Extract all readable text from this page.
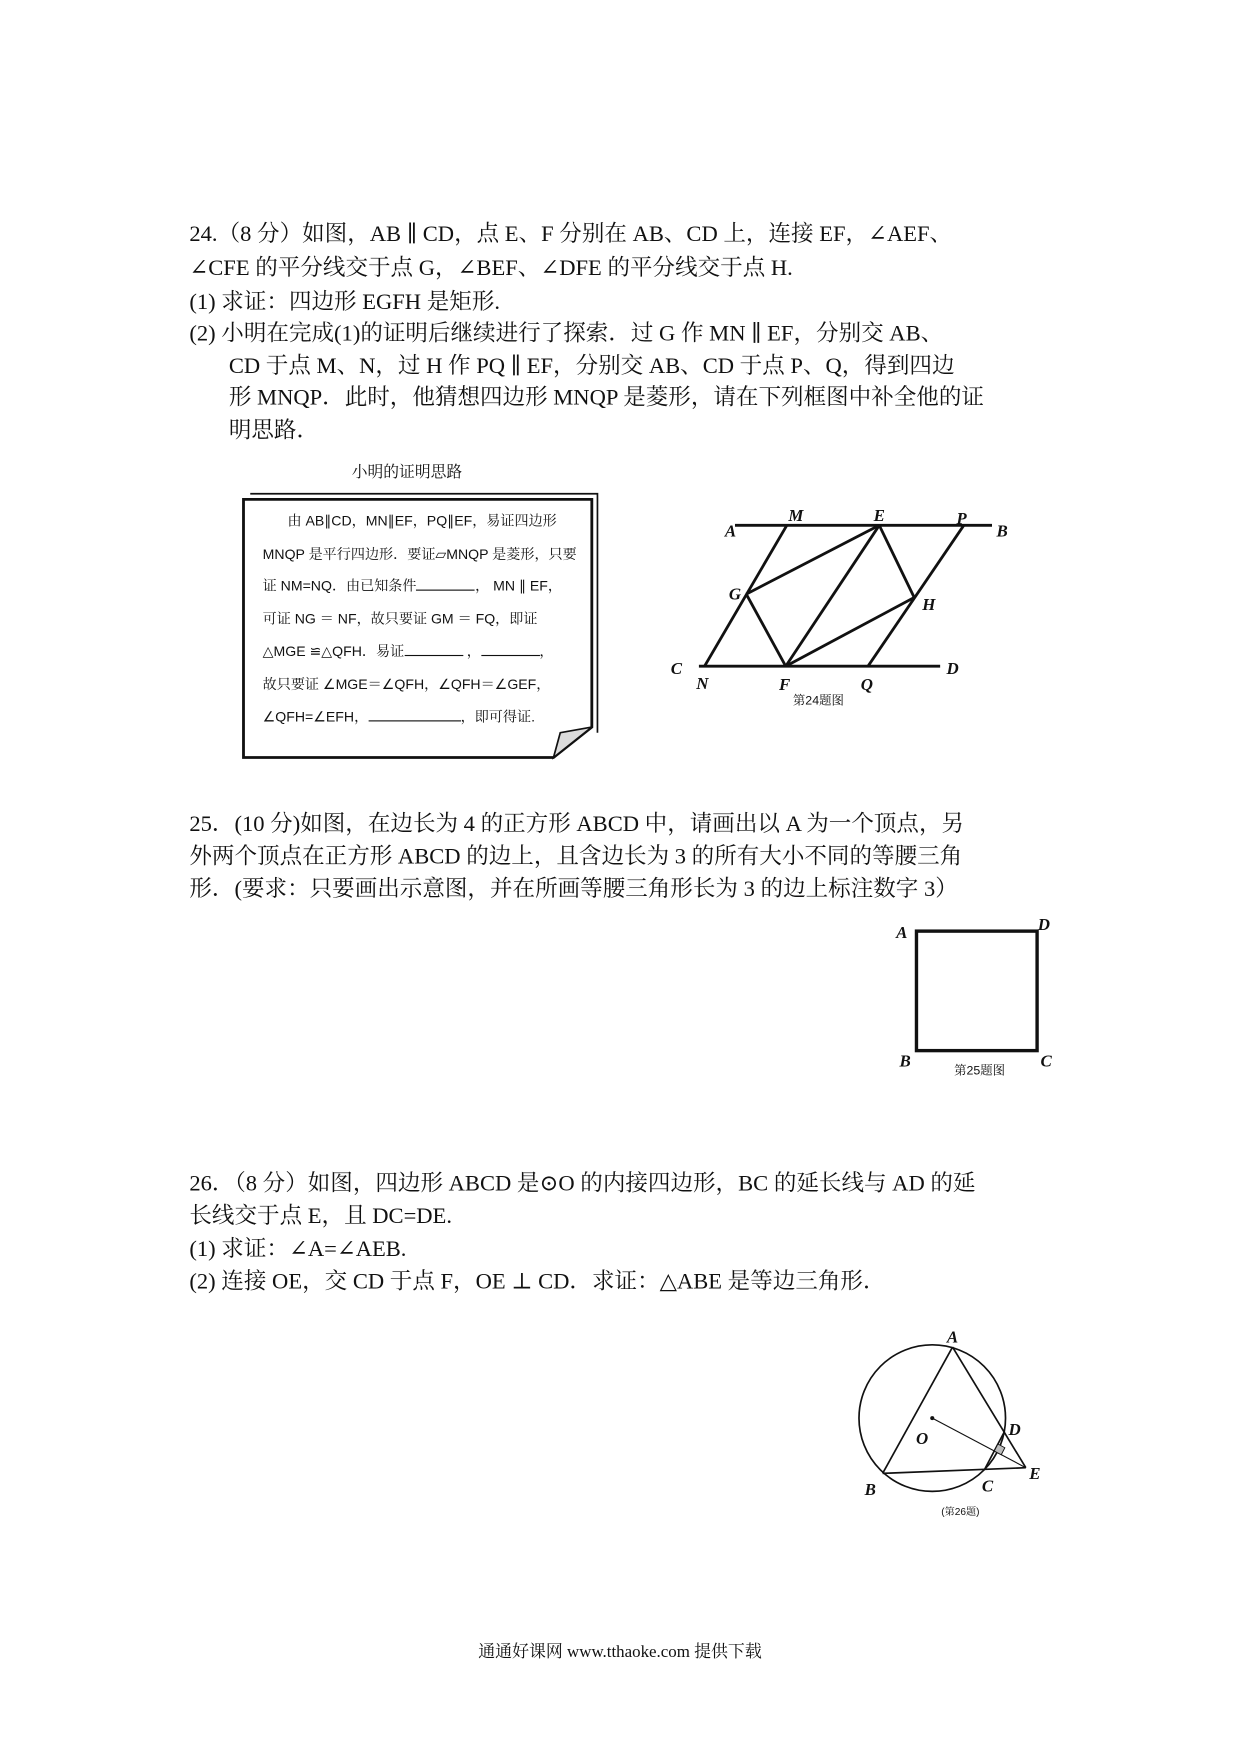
24.（8 分）如图，AB ∥ CD，点 E、F 分别在 AB、CD 上，连接 EF，∠AEF、
∠CFE 的平分线交于点 G，∠BEF、∠DFE 的平分线交于点 H.
(1) 求证：四边形 EGFH 是矩形.
(2) 小明在完成(1)的证明后继续进行了探索．过 G 作 MN ∥ EF，分别交 AB、
CD 于点 M、N，过 H 作 PQ ∥ EF，分别交 AB、CD 于点 P、Q，得到四边
形 MNQP．此时，他猜想四边形 MNQP 是菱形，请在下列框图中补全他的证
明思路．
小明的证明思路
由 AB∥CD，MN∥EF，PQ∥EF，易证四边形
MNQP 是平行四边形．要证▱MNQP 是菱形，只要
证 NM=NQ．由已知条件	， MN ∥ EF，
可证 NG ＝ NF，故只要证 GM ＝ FQ，即证
△MGE ≌△QFH．易证	，	，
故只要证 ∠MGE＝∠QFH，∠QFH＝∠GEF，
∠QFH=∠EFH，	，即可得证.
A
M	E	P
B
G
H
C
N	F	Q
D
第24题图
25．(10 分)如图，在边长为 4 的正方形 ABCD 中，请画出以 A 为一个顶点，另
外两个顶点在正方形 ABCD 的边上，且含边长为 3 的所有大小不同的等腰三角
形．(要求：只要画出示意图，并在所画等腰三角形长为 3 的边上标注数字 3）
A	D
B	C
第25题图
26．（8 分）如图，四边形 ABCD 是⊙O 的内接四边形，BC 的延长线与 AD 的延
长线交于点 E，且 DC=DE.
(1) 求证：∠A=∠AEB.
(2) 连接 OE，交 CD 于点 F，OE ⊥ CD．求证：△ABE 是等边三角形．
A
O	D
E
B	C
(第26题)
通通好课网 www.tthaoke.com 提供下载
